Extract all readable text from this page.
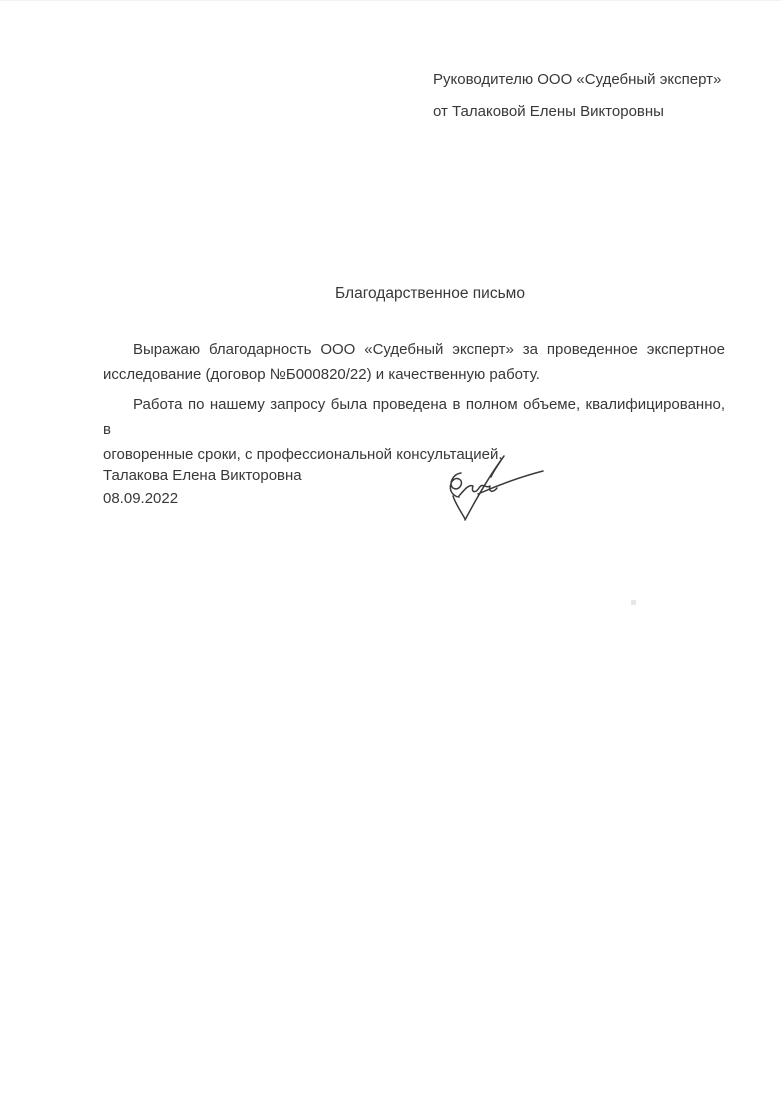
Руководителю ООО «Судебный эксперт»
от Талаковой Елены Викторовны
Благодарственное письмо
Выражаю благодарность ООО «Судебный эксперт» за проведенное экспертное
исследование (договор №Б000820/22) и качественную работу.
Работа по нашему запросу была проведена в полном объеме, квалифицированно, в
оговоренные сроки, с профессиональной консультацией.
Талакова Елена Викторовна
08.09.2022
